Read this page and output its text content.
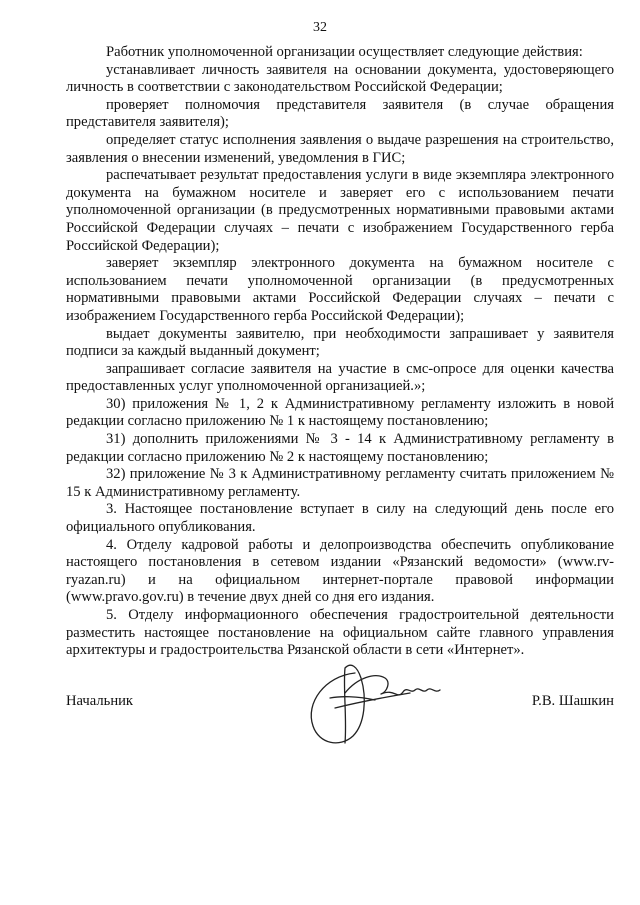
32

Работник уполномоченной организации осуществляет следующие действия:

устанавливает личность заявителя на основании документа, удостоверяющего личность в соответствии с законодательством Российской Федерации;

проверяет полномочия представителя заявителя (в случае обращения представителя заявителя);

определяет статус исполнения заявления о выдаче разрешения на строительство, заявления о внесении изменений, уведомления в ГИС;

распечатывает результат предоставления услуги в виде экземпляра электронного документа на бумажном носителе и заверяет его с использованием печати уполномоченной организации (в предусмотренных нормативными правовыми актами Российской Федерации случаях – печати с изображением Государственного герба Российской Федерации);

заверяет экземпляр электронного документа на бумажном носителе с использованием печати уполномоченной организации (в предусмотренных нормативными правовыми актами Российской Федерации случаях – печати с изображением Государственного герба Российской Федерации);

выдает документы заявителю, при необходимости запрашивает у заявителя подписи за каждый выданный документ;

запрашивает согласие заявителя на участие в смс-опросе для оценки качества предоставленных услуг уполномоченной организацией.»;

30) приложения № 1, 2 к Административному регламенту изложить в новой редакции согласно приложению № 1 к настоящему постановлению;

31) дополнить приложениями № 3 - 14 к Административному регламенту в редакции согласно приложению № 2 к настоящему постановлению;

32) приложение № 3 к Административному регламенту считать приложением № 15 к Административному регламенту.

3. Настоящее постановление вступает в силу на следующий день после его официального опубликования.

4. Отделу кадровой работы и делопроизводства обеспечить опубликование настоящего постановления в сетевом издании «Рязанский ведомости» (www.rv-ryazan.ru) и на официальном интернет-портале правовой информации (www.pravo.gov.ru) в течение двух дней со дня его издания.

5. Отделу информационного обеспечения градостроительной деятельности разместить настоящее постановление на официальном сайте главного управления архитектуры и градостроительства Рязанской области в сети «Интернет».

Начальник	Р.В. Шашкин
